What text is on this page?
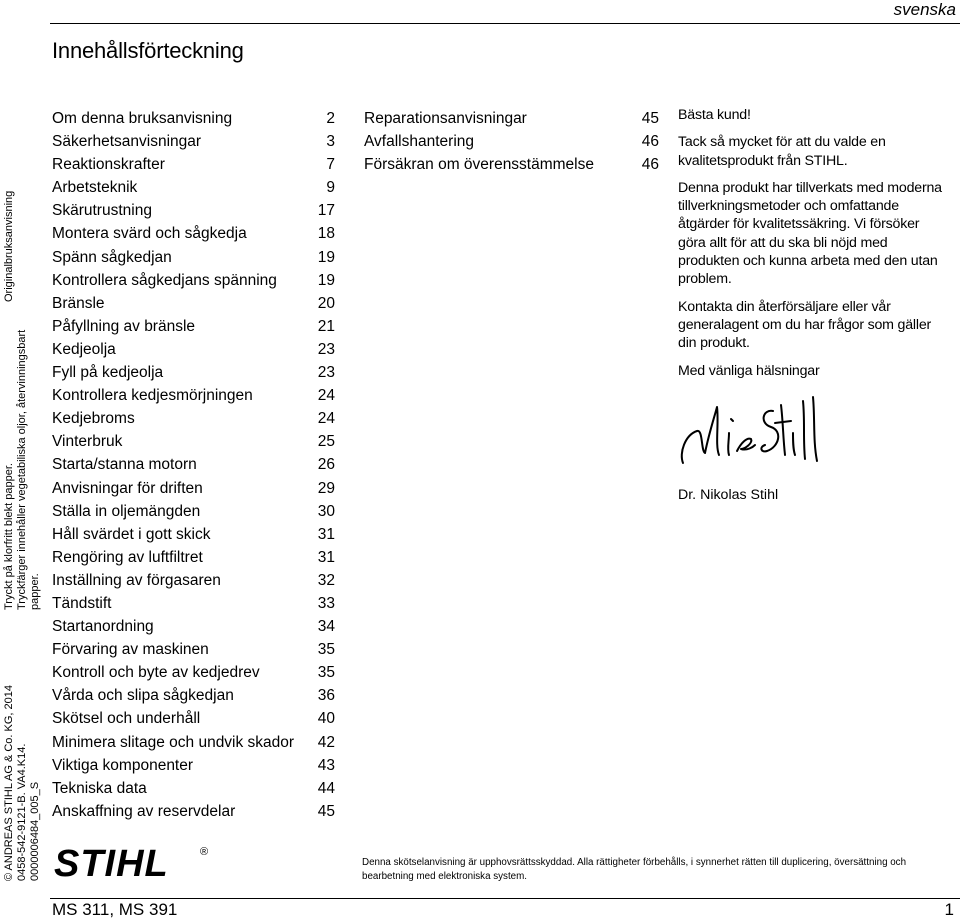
svenska
Innehållsförteckning
Originalbruksanvisning
Tryckt på klorfritt blekt papper. Tryckfärger innehåller vegetabiliska oljor, återvinningsbart papper.
© ANDREAS STIHL AG & Co. KG, 2014 0458-542-9121-B. VA4.K14. 0000006484_005_S
Om denna bruksanvisning	2
Säkerhetsanvisningar	3
Reaktionskrafter	7
Arbetsteknik	9
Skärutrustning	17
Montera svärd och sågkedja	18
Spänn sågkedjan	19
Kontrollera sågkedjans spänning	19
Bränsle	20
Påfyllning av bränsle	21
Kedjeolja	23
Fyll på kedjeolja	23
Kontrollera kedjesmörjningen	24
Kedjebroms	24
Vinterbruk	25
Starta/stanna motorn	26
Anvisningar för driften	29
Ställa in oljemängden	30
Håll svärdet i gott skick	31
Rengöring av luftfiltret	31
Inställning av förgasaren	32
Tändstift	33
Startanordning	34
Förvaring av maskinen	35
Kontroll och byte av kedjedrev	35
Vårda och slipa sågkedjan	36
Skötsel och underhåll	40
Minimera slitage och undvik skador 42
Viktiga komponenter	43
Tekniska data	44
Anskaffning av reservdelar	45
Reparationsanvisningar	45
Avfallshantering	46
Försäkran om överensstämmelse	46

Bästa kund!

Tack så mycket för att du valde en kvalitetsprodukt från STIHL.

Denna produkt har tillverkats med moderna tillverkningsmetoder och omfattande åtgärder för kvalitetssäkring. Vi försöker göra allt för att du ska bli nöjd med produkten och kunna arbeta med den utan problem.

Kontakta din återförsäljare eller vår generalagent om du har frågor som gäller din produkt.

Med vänliga hälsningar

Dr. Nikolas Stihl
STIHL	®
Denna skötselanvisning är upphovsrättsskyddad. Alla rättigheter förbehålls, i synnerhet rätten till duplicering, översättning och bearbetning med elektroniska system.
MS 311, MS 391	1
